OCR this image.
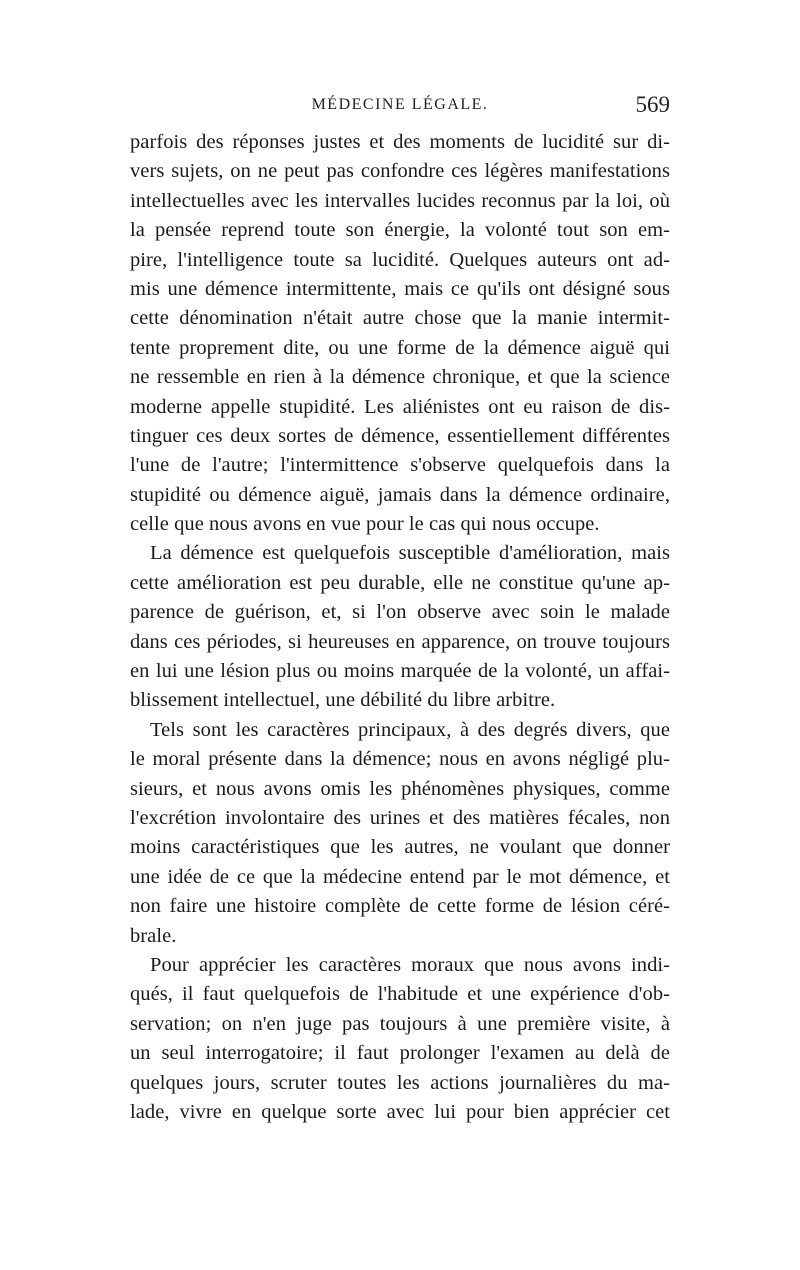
MÉDECINE LÉGALE.	569
parfois des réponses justes et des moments de lucidité sur di-
vers sujets, on ne peut pas confondre ces légères manifestations
intellectuelles avec les intervalles lucides reconnus par la loi, où
la pensée reprend toute son énergie, la volonté tout son em-
pire, l'intelligence toute sa lucidité. Quelques auteurs ont ad-
mis une démence intermittente, mais ce qu'ils ont désigné sous
cette dénomination n'était autre chose que la manie intermit-
tente proprement dite, ou une forme de la démence aiguë qui
ne ressemble en rien à la démence chronique, et que la science
moderne appelle stupidité. Les aliénistes ont eu raison de dis-
tinguer ces deux sortes de démence, essentiellement différentes
l'une de l'autre; l'intermittence s'observe quelquefois dans la
stupidité ou démence aiguë, jamais dans la démence ordinaire,
celle que nous avons en vue pour le cas qui nous occupe.
La démence est quelquefois susceptible d'amélioration, mais
cette amélioration est peu durable, elle ne constitue qu'une ap-
parence de guérison, et, si l'on observe avec soin le malade
dans ces périodes, si heureuses en apparence, on trouve toujours
en lui une lésion plus ou moins marquée de la volonté, un affai-
blissement intellectuel, une débilité du libre arbitre.
Tels sont les caractères principaux, à des degrés divers, que
le moral présente dans la démence; nous en avons négligé plu-
sieurs, et nous avons omis les phénomènes physiques, comme
l'excrétion involontaire des urines et des matières fécales, non
moins caractéristiques que les autres, ne voulant que donner
une idée de ce que la médecine entend par le mot démence, et
non faire une histoire complète de cette forme de lésion céré-
brale.
Pour apprécier les caractères moraux que nous avons indi-
qués, il faut quelquefois de l'habitude et une expérience d'ob-
servation; on n'en juge pas toujours à une première visite, à
un seul interrogatoire; il faut prolonger l'examen au delà de
quelques jours, scruter toutes les actions journalières du ma-
lade, vivre en quelque sorte avec lui pour bien apprécier cet
